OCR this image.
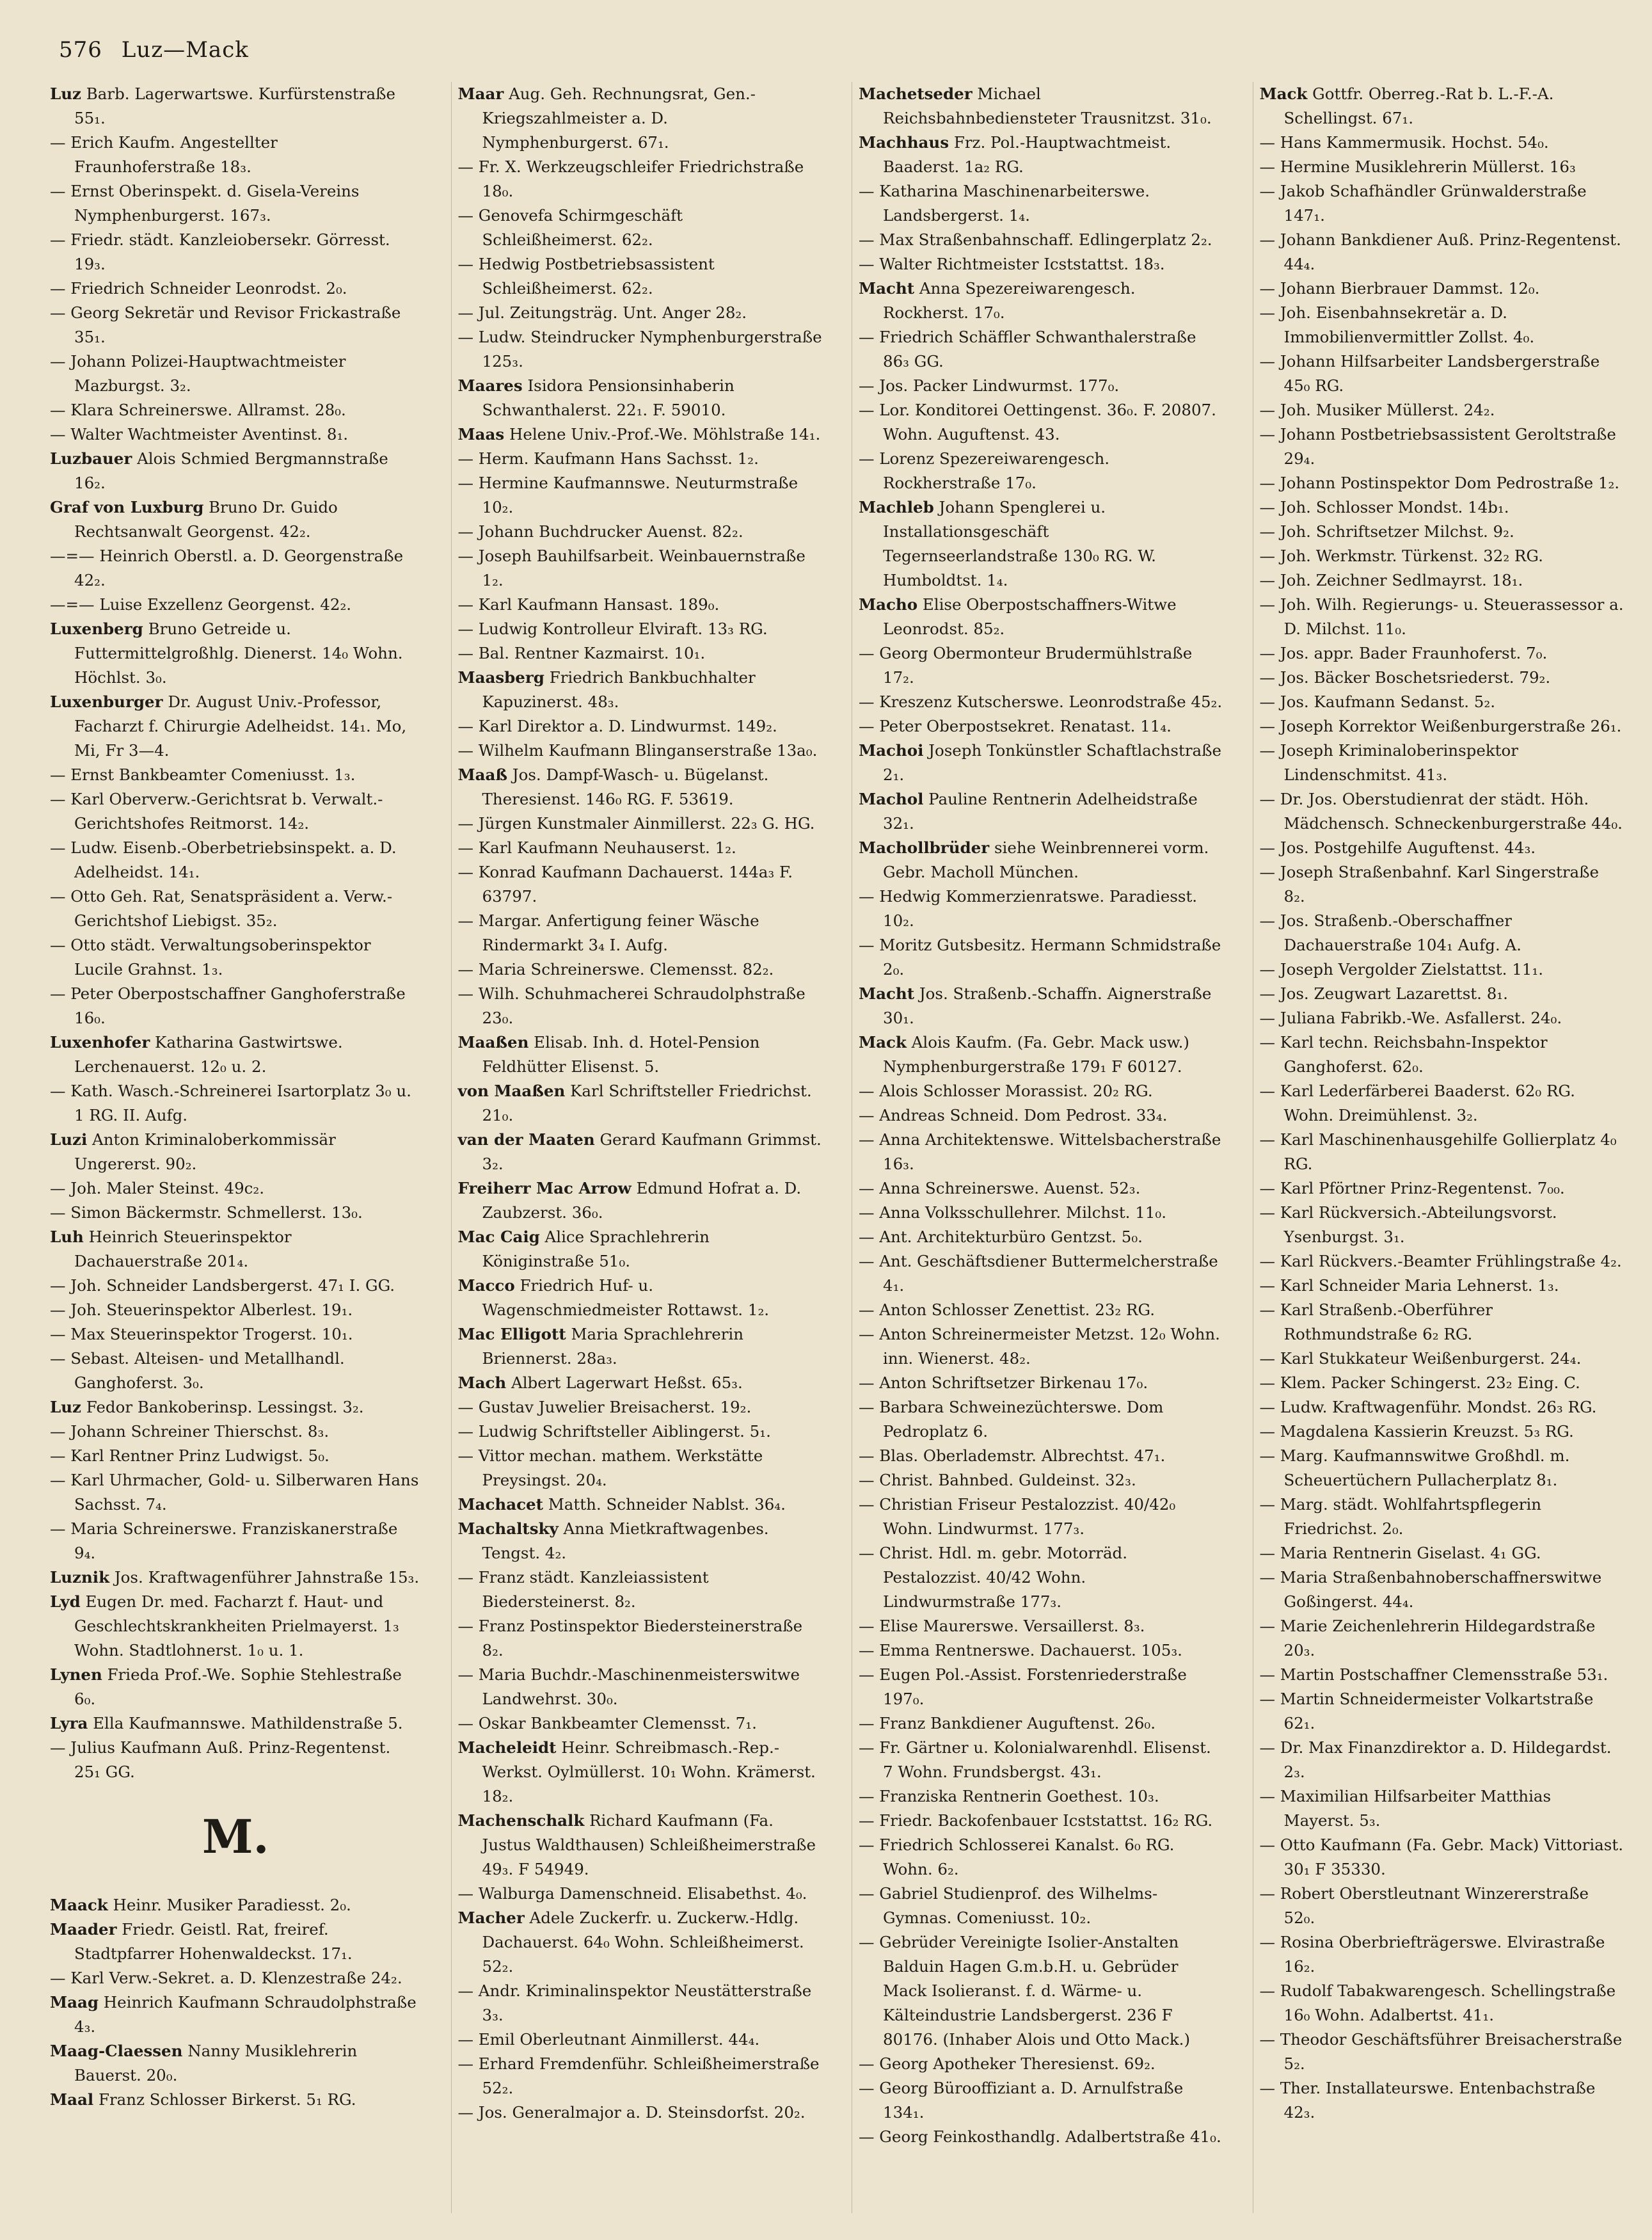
576 Luz—Mack

Luz Barb. Lagerwartswe. Kurfürstenstraße 55₁.

— Erich Kaufm. Angestellter Fraunhoferstraße 18₃.

— Ernst Oberinspekt. d. Gisela-Vereins Nymphenburgerst. 167₃.

— Friedr. städt. Kanzleiobersekr. Görresst. 19₃.

— Friedrich Schneider Leonrodst. 2₀.

— Georg Sekretär und Revisor Frickastraße 35₁.

— Johann Polizei-Hauptwachtmeister Mazburgst. 3₂.

— Klara Schreinerswe. Allramst. 28₀.

— Walter Wachtmeister Aventinst. 8₁.

Luzbauer Alois Schmied Bergmannstraße 16₂.

Graf von Luxburg Bruno Dr. Guido Rechtsanwalt Georgenst. 42₂.

—=— Heinrich Oberstl. a. D. Georgenstraße 42₂.

—=— Luise Exzellenz Georgenst. 42₂.

Luxenberg Bruno Getreide u. Futtermittelgroßhlg. Dienerst. 14₀ Wohn. Höchlst. 3₀.

Luxenburger Dr. August Univ.-Professor, Facharzt f. Chirurgie Adelheidst. 14₁. Mo, Mi, Fr 3—4.

— Ernst Bankbeamter Comeniusst. 1₃.

— Karl Oberverw.-Gerichtsrat b. Verwalt.-Gerichtshofes Reitmorst. 14₂.

— Ludw. Eisenb.-Oberbetriebsinspekt. a. D. Adelheidst. 14₁.

— Otto Geh. Rat, Senatspräsident a. Verw.-Gerichtshof Liebigst. 35₂.

— Otto städt. Verwaltungsoberinspektor Lucile Grahnst. 1₃.

— Peter Oberpostschaffner Ganghoferstraße 16₀.

Luxenhofer Katharina Gastwirtswe. Lerchenauerst. 12₀ u. 2.

— Kath. Wasch.-Schreinerei Isartorplatz 3₀ u. 1 RG. II. Aufg.

Luzi Anton Kriminaloberkommissär Ungererst. 90₂.

— Joh. Maler Steinst. 49c₂.

— Simon Bäckermstr. Schmellerst. 13₀.

Luh Heinrich Steuerinspektor Dachauerstraße 201₄.

— Joh. Schneider Landsbergerst. 47₁ I. GG.

— Joh. Steuerinspektor Alberlest. 19₁.

— Max Steuerinspektor Trogerst. 10₁.

— Sebast. Alteisen- und Metallhandl. Ganghoferst. 3₀.

Luz Fedor Bankoberinsp. Lessingst. 3₂.

— Johann Schreiner Thierschst. 8₃.

— Karl Rentner Prinz Ludwigst. 5₀.

— Karl Uhrmacher, Gold- u. Silberwaren Hans Sachsst. 7₄.

— Maria Schreinerswe. Franziskanerstraße 9₄.

Luznik Jos. Kraftwagenführer Jahnstraße 15₃.

Lyd Eugen Dr. med. Facharzt f. Haut- und Geschlechtskrankheiten Prielmayerst. 1₃ Wohn. Stadtlohnerst. 1₀ u. 1.

Lynen Frieda Prof.-We. Sophie Stehlestraße 6₀.

Lyra Ella Kaufmannswe. Mathildenstraße 5.

— Julius Kaufmann Auß. Prinz-Regentenst. 25₁ GG.

M.

Maack Heinr. Musiker Paradiesst. 2₀.

Maader Friedr. Geistl. Rat, freiref. Stadtpfarrer Hohenwaldeckst. 17₁.

— Karl Verw.-Sekret. a. D. Klenzestraße 24₂.

Maag Heinrich Kaufmann Schraudolphstraße 4₃.

Maag-Claessen Nanny Musiklehrerin Bauerst. 20₀.

Maal Franz Schlosser Birkerst. 5₁ RG.

Maar Aug. Geh. Rechnungsrat, Gen.-Kriegszahlmeister a. D. Nymphenburgerst. 67₁.

— Fr. X. Werkzeugschleifer Friedrichstraße 18₀.

— Genovefa Schirmgeschäft Schleißheimerst. 62₂.

— Hedwig Postbetriebsassistent Schleißheimerst. 62₂.

— Jul. Zeitungsträg. Unt. Anger 28₂.

— Ludw. Steindrucker Nymphenburgerstraße 125₃.

Maares Isidora Pensionsinhaberin Schwanthalerst. 22₁. F. 59010.

Maas Helene Univ.-Prof.-We. Möhlstraße 14₁.

— Herm. Kaufmann Hans Sachsst. 1₂.

— Hermine Kaufmannswe. Neuturmstraße 10₂.

— Johann Buchdrucker Auenst. 82₂.

— Joseph Bauhilfsarbeit. Weinbauernstraße 1₂.

— Karl Kaufmann Hansast. 189₀.

— Ludwig Kontrolleur Elviraft. 13₃ RG.

— Bal. Rentner Kazmairst. 10₁.

Maasberg Friedrich Bankbuchhalter Kapuzinerst. 48₃.

— Karl Direktor a. D. Lindwurmst. 149₂.

— Wilhelm Kaufmann Blinganserstraße 13a₀.

Maaß Jos. Dampf-Wasch- u. Bügelanst. Theresienst. 146₀ RG. F. 53619.

— Jürgen Kunstmaler Ainmillerst. 22₃ G. HG.

— Karl Kaufmann Neuhauserst. 1₂.

— Konrad Kaufmann Dachauerst. 144a₃ F. 63797.

— Margar. Anfertigung feiner Wäsche Rindermarkt 3₄ I. Aufg.

— Maria Schreinerswe. Clemensst. 82₂.

— Wilh. Schuhmacherei Schraudolphstraße 23₀.

Maaßen Elisab. Inh. d. Hotel-Pension Feldhütter Elisenst. 5.

von Maaßen Karl Schriftsteller Friedrichst. 21₀.

van der Maaten Gerard Kaufmann Grimmst. 3₂.

Freiherr Mac Arrow Edmund Hofrat a. D. Zaubzerst. 36₀.

Mac Caig Alice Sprachlehrerin Königinstraße 51₀.

Macco Friedrich Huf- u. Wagenschmiedmeister Rottawst. 1₂.

Mac Elligott Maria Sprachlehrerin Briennerst. 28a₃.

Mach Albert Lagerwart Heßst. 65₃.

— Gustav Juwelier Breisacherst. 19₂.

— Ludwig Schriftsteller Aiblingerst. 5₁.

— Vittor mechan. mathem. Werkstätte Preysingst. 20₄.

Machacet Matth. Schneider Nablst. 36₄.

Machaltsky Anna Mietkraftwagenbes. Tengst. 4₂.

— Franz städt. Kanzleiassistent Biedersteinerst. 8₂.

— Franz Postinspektor Biedersteinerstraße 8₂.

— Maria Buchdr.-Maschinenmeisterswitwe Landwehrst. 30₀.

— Oskar Bankbeamter Clemensst. 7₁.

Macheleidt Heinr. Schreibmasch.-Rep.-Werkst. Oylmüllerst. 10₁ Wohn. Krämerst. 18₂.

Machenschalk Richard Kaufmann (Fa. Justus Waldthausen) Schleißheimerstraße 49₃. F 54949.

— Walburga Damenschneid. Elisabethst. 4₀.

Macher Adele Zuckerfr. u. Zuckerw.-Hdlg. Dachauerst. 64₀ Wohn. Schleißheimerst. 52₂.

— Andr. Kriminalinspektor Neustätterstraße 3₃.

— Emil Oberleutnant Ainmillerst. 44₄.

— Erhard Fremdenführ. Schleißheimerstraße 52₂.

— Jos. Generalmajor a. D. Steinsdorfst. 20₂.

Machetseder Michael Reichsbahnbediensteter Trausnitzst. 31₀.

Machhaus Frz. Pol.-Hauptwachtmeist. Baaderst. 1a₂ RG.

— Katharina Maschinenarbeiterswe. Landsbergerst. 1₄.

— Max Straßenbahnschaff. Edlingerplatz 2₂.

— Walter Richtmeister Icststattst. 18₃.

Macht Anna Spezereiwarengesch. Rockherst. 17₀.

— Friedrich Schäffler Schwanthalerstraße 86₃ GG.

— Jos. Packer Lindwurmst. 177₀.

— Lor. Konditorei Oettingenst. 36₀. F. 20807. Wohn. Auguftenst. 43.

— Lorenz Spezereiwarengesch. Rockherstraße 17₀.

Machleb Johann Spenglerei u. Installationsgeschäft Tegernseerlandstraße 130₀ RG. W. Humboldtst. 1₄.

Macho Elise Oberpostschaffners-Witwe Leonrodst. 85₂.

— Georg Obermonteur Brudermühlstraße 17₂.

— Kreszenz Kutscherswe. Leonrodstraße 45₂.

— Peter Oberpostsekret. Renatast. 11₄.

Machoi Joseph Tonkünstler Schaftlachstraße 2₁.

Machol Pauline Rentnerin Adelheidstraße 32₁.

Machollbrüder siehe Weinbrennerei vorm. Gebr. Macholl München.

— Hedwig Kommerzienratswe. Paradiesst. 10₂.

— Moritz Gutsbesitz. Hermann Schmidstraße 2₀.

Macht Jos. Straßenb.-Schaffn. Aignerstraße 30₁.

Mack Alois Kaufm. (Fa. Gebr. Mack usw.) Nymphenburgerstraße 179₁ F 60127.

— Alois Schlosser Morassist. 20₂ RG.

— Andreas Schneid. Dom Pedrost. 33₄.

— Anna Architektenswe. Wittelsbacherstraße 16₃.

— Anna Schreinerswe. Auenst. 52₃.

— Anna Volksschullehrer. Milchst. 11₀.

— Ant. Architekturbüro Gentzst. 5₀.

— Ant. Geschäftsdiener Buttermelcherstraße 4₁.

— Anton Schlosser Zenettist. 23₂ RG.

— Anton Schreinermeister Metzst. 12₀ Wohn. inn. Wienerst. 48₂.

— Anton Schriftsetzer Birkenau 17₀.

— Barbara Schweinezüchterswe. Dom Pedroplatz 6.

— Blas. Oberlademstr. Albrechtst. 47₁.

— Christ. Bahnbed. Guldeinst. 32₃.

— Christian Friseur Pestalozzist. 40/42₀ Wohn. Lindwurmst. 177₃.

— Christ. Hdl. m. gebr. Motorräd. Pestalozzist. 40/42 Wohn. Lindwurmstraße 177₃.

— Elise Maurerswe. Versaillerst. 8₃.

— Emma Rentnerswe. Dachauerst. 105₃.

— Eugen Pol.-Assist. Forstenriederstraße 197₀.

— Franz Bankdiener Auguftenst. 26₀.

— Fr. Gärtner u. Kolonialwarenhdl. Elisenst. 7 Wohn. Frundsbergst. 43₁.

— Franziska Rentnerin Goethest. 10₃.

— Friedr. Backofenbauer Icststattst. 16₂ RG.

— Friedrich Schlosserei Kanalst. 6₀ RG. Wohn. 6₂.

— Gabriel Studienprof. des Wilhelms-Gymnas. Comeniusst. 10₂.

— Gebrüder Vereinigte Isolier-Anstalten Balduin Hagen G.m.b.H. u. Gebrüder Mack Isolieranst. f. d. Wärme- u. Kälteindustrie Landsbergerst. 236 F 80176. (Inhaber Alois und Otto Mack.)

— Georg Apotheker Theresienst. 69₂.

— Georg Bürooffiziant a. D. Arnulfstraße 134₁.

— Georg Feinkosthandlg. Adalbertstraße 41₀.

Mack Gottfr. Oberreg.-Rat b. L.-F.-A. Schellingst. 67₁.

— Hans Kammermusik. Hochst. 54₀.

— Hermine Musiklehrerin Müllerst. 16₃

— Jakob Schafhändler Grünwalderstraße 147₁.

— Johann Bankdiener Auß. Prinz-Regentenst. 44₄.

— Johann Bierbrauer Dammst. 12₀.

— Joh. Eisenbahnsekretär a. D. Immobilienvermittler Zollst. 4₀.

— Johann Hilfsarbeiter Landsbergerstraße 45₀ RG.

— Joh. Musiker Müllerst. 24₂.

— Johann Postbetriebsassistent Geroltstraße 29₄.

— Johann Postinspektor Dom Pedrostraße 1₂.

— Joh. Schlosser Mondst. 14b₁.

— Joh. Schriftsetzer Milchst. 9₂.

— Joh. Werkmstr. Türkenst. 32₂ RG.

— Joh. Zeichner Sedlmayrst. 18₁.

— Joh. Wilh. Regierungs- u. Steuerassessor a. D. Milchst. 11₀.

— Jos. appr. Bader Fraunhoferst. 7₀.

— Jos. Bäcker Boschetsriederst. 79₂.

— Jos. Kaufmann Sedanst. 5₂.

— Joseph Korrektor Weißenburgerstraße 26₁.

— Joseph Kriminaloberinspektor Lindenschmitst. 41₃.

— Dr. Jos. Oberstudienrat der städt. Höh. Mädchensch. Schneckenburgerstraße 44₀.

— Jos. Postgehilfe Auguftenst. 44₃.

— Joseph Straßenbahnf. Karl Singerstraße 8₂.

— Jos. Straßenb.-Oberschaffner Dachauerstraße 104₁ Aufg. A.

— Joseph Vergolder Zielstattst. 11₁.

— Jos. Zeugwart Lazarettst. 8₁.

— Juliana Fabrikb.-We. Asfallerst. 24₀.

— Karl techn. Reichsbahn-Inspektor Ganghoferst. 62₀.

— Karl Lederfärberei Baaderst. 62₀ RG. Wohn. Dreimühlenst. 3₂.

— Karl Maschinenhausgehilfe Gollierplatz 4₀ RG.

— Karl Pförtner Prinz-Regentenst. 7₀₀.

— Karl Rückversich.-Abteilungsvorst. Ysenburgst. 3₁.

— Karl Rückvers.-Beamter Frühlingstraße 4₂.

— Karl Schneider Maria Lehnerst. 1₃.

— Karl Straßenb.-Oberführer Rothmundstraße 6₂ RG.

— Karl Stukkateur Weißenburgerst. 24₄.

— Klem. Packer Schingerst. 23₂ Eing. C.

— Ludw. Kraftwagenführ. Mondst. 26₃ RG.

— Magdalena Kassierin Kreuzst. 5₃ RG.

— Marg. Kaufmannswitwe Großhdl. m. Scheuertüchern Pullacherplatz 8₁.

— Marg. städt. Wohlfahrtspflegerin Friedrichst. 2₀.

— Maria Rentnerin Giselast. 4₁ GG.

— Maria Straßenbahnoberschaffnerswitwe Goßingerst. 44₄.

— Marie Zeichenlehrerin Hildegardstraße 20₃.

— Martin Postschaffner Clemensstraße 53₁.

— Martin Schneidermeister Volkartstraße 62₁.

— Dr. Max Finanzdirektor a. D. Hildegardst. 2₃.

— Maximilian Hilfsarbeiter Matthias Mayerst. 5₃.

— Otto Kaufmann (Fa. Gebr. Mack) Vittoriast. 30₁ F 35330.

— Robert Oberstleutnant Winzererstraße 52₀.

— Rosina Oberbriefträgerswe. Elvirastraße 16₂.

— Rudolf Tabakwarengesch. Schellingstraße 16₀ Wohn. Adalbertst. 41₁.

— Theodor Geschäftsführer Breisacherstraße 5₂.

— Ther. Installateurswe. Entenbachstraße 42₃.
